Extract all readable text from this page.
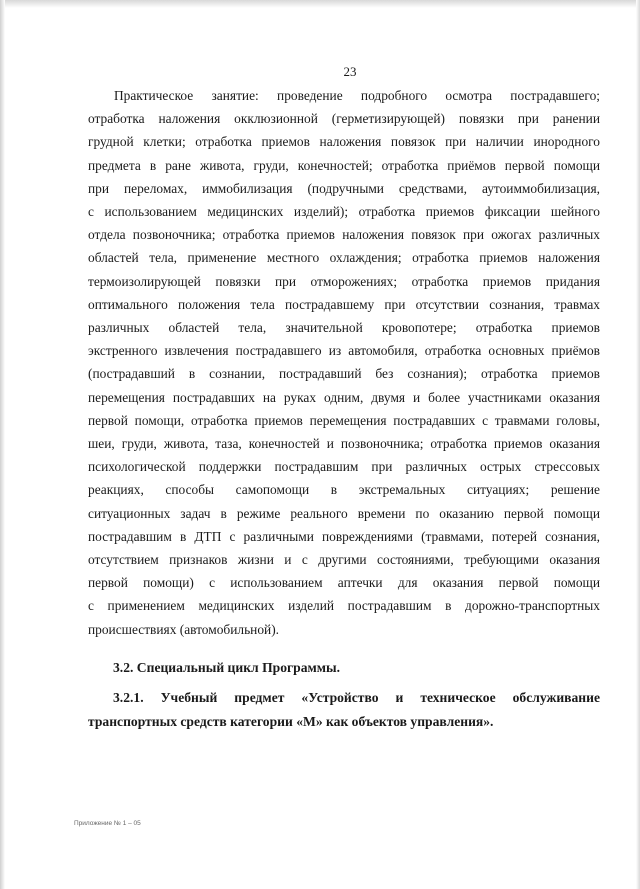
23
Практическое занятие: проведение подробного осмотра пострадавшего;
отработка наложения окклюзионной (герметизирующей) повязки при ранении
грудной клетки; отработка приемов наложения повязок при наличии инородного
предмета в ране живота, груди, конечностей; отработка приёмов первой помощи
при переломах, иммобилизация (подручными средствами, аутоиммобилизация,
с использованием медицинских изделий); отработка приемов фиксации шейного
отдела позвоночника; отработка приемов наложения повязок при ожогах различных
областей тела, применение местного охлаждения; отработка приемов наложения
термоизолирующей повязки при отморожениях; отработка приемов придания
оптимального положения тела пострадавшему при отсутствии сознания, травмах
различных областей тела, значительной кровопотере; отработка приемов
экстренного извлечения пострадавшего из автомобиля, отработка основных приёмов
(пострадавший в сознании, пострадавший без сознания); отработка приемов
перемещения пострадавших на руках одним, двумя и более участниками оказания
первой помощи, отработка приемов перемещения пострадавших с травмами головы,
шеи, груди, живота, таза, конечностей и позвоночника; отработка приемов оказания
психологической поддержки пострадавшим при различных острых стрессовых
реакциях, способы самопомощи в экстремальных ситуациях; решение
ситуационных задач в режиме реального времени по оказанию первой помощи
пострадавшим в ДТП с различными повреждениями (травмами, потерей сознания,
отсутствием признаков жизни и с другими состояниями, требующими оказания
первой помощи) с использованием аптечки для оказания первой помощи
с применением медицинских изделий пострадавшим в дорожно-транспортных
происшествиях (автомобильной).
3.2. Специальный цикл Программы.
3.2.1. Учебный предмет «Устройство и техническое обслуживание
транспортных средств категории «М» как объектов управления».
Приложение № 1 – 05
